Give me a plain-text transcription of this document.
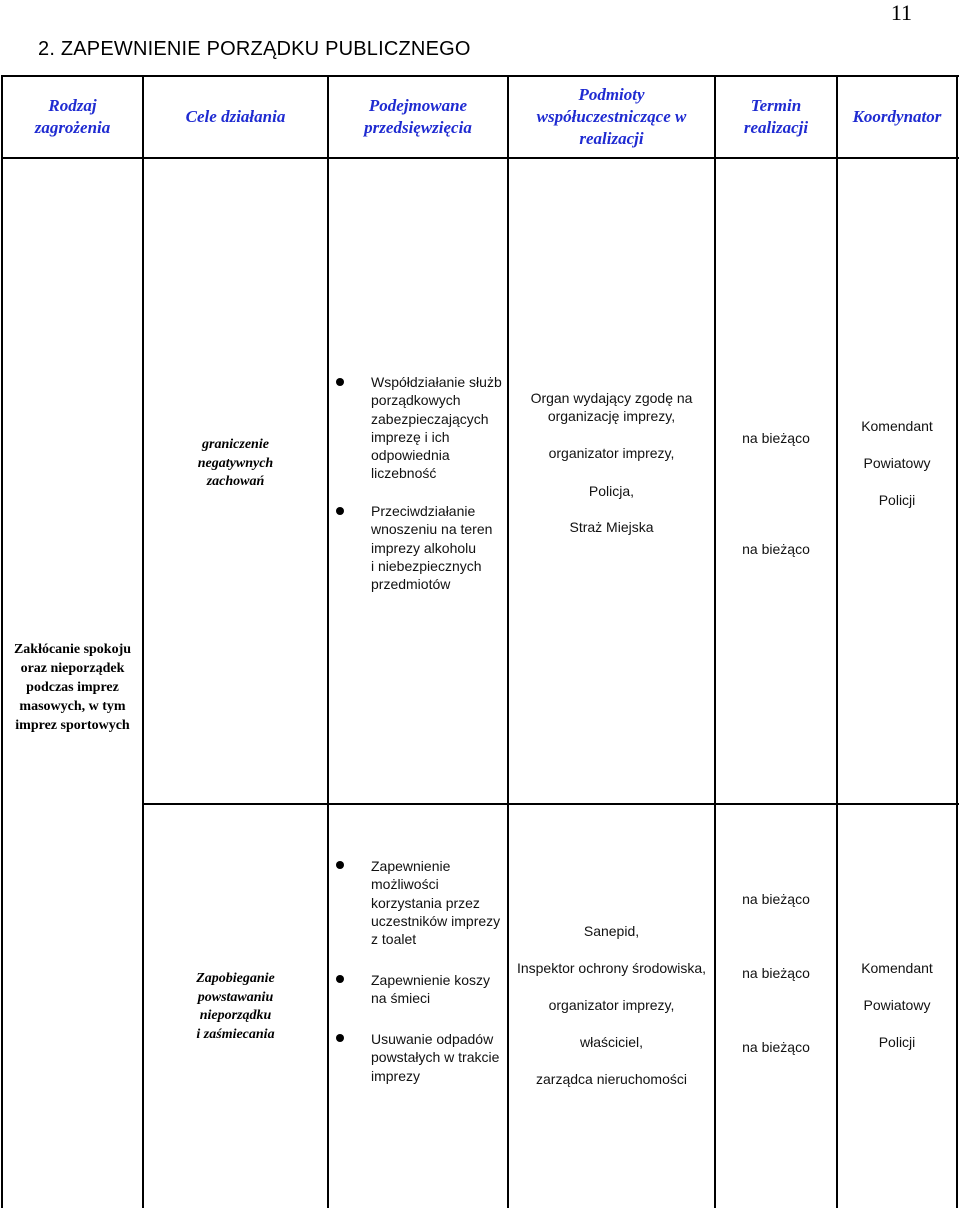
11
2. ZAPEWNIENIE PORZĄDKU PUBLICZNEGO
Rodzaj
zagrożenia
Cele działania
Podejmowane
przedsięwzięcia
Podmioty
współuczestniczące w
realizacji
Termin
realizacji
Koordynator
Zakłócanie spokoju
oraz nieporządek
podczas imprez
masowych, w tym
imprez sportowych
graniczenie
negatywnych
zachowań
Współdziałanie służb
porządkowych
zabezpieczających
imprezę i ich
odpowiednia
liczebność
Przeciwdziałanie
wnoszeniu na teren
imprezy alkoholu
i niebezpiecznych
przedmiotów
Organ wydający zgodę na
organizację imprezy,
organizator imprezy,
Policja,
Straż Miejska
na bieżąco
na bieżąco
Komendant
Powiatowy
Policji
Zapobieganie
powstawaniu
nieporządku
i zaśmiecania
Zapewnienie
możliwości
korzystania przez
uczestników imprezy
z toalet
Zapewnienie koszy
na śmieci
Usuwanie odpadów
powstałych w trakcie
imprezy
Sanepid,
Inspektor ochrony środowiska,
organizator imprezy,
właściciel,
zarządca nieruchomości
na bieżąco
na bieżąco
na bieżąco
Komendant
Powiatowy
Policji
